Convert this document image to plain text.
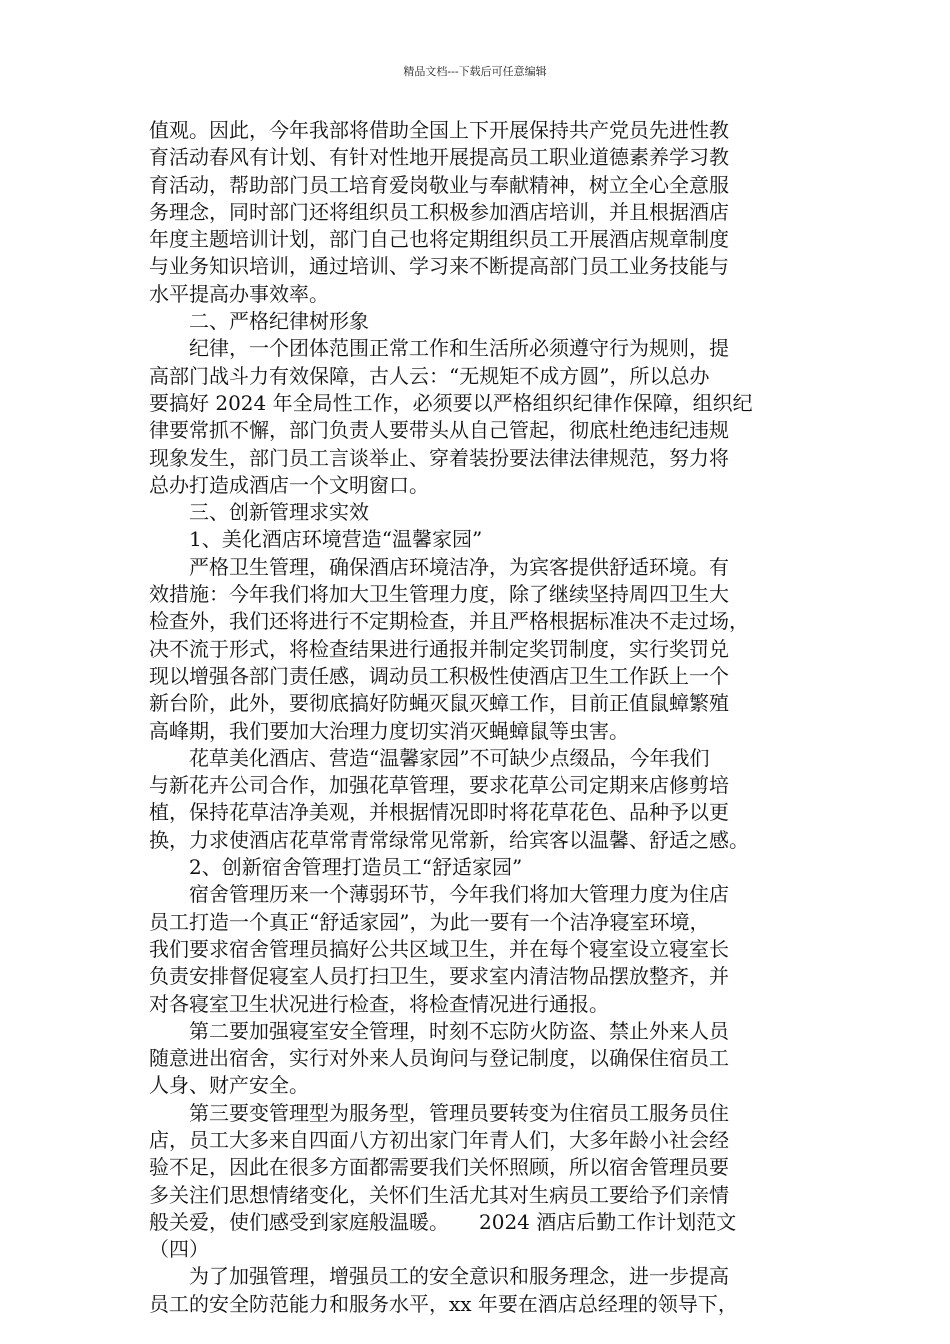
精品文档---下载后可任意编辑
值观。因此，今年我部将借助全国上下开展保持共产党员先进性教
育活动春风有计划、有针对性地开展提高员工职业道德素养学习教
育活动，帮助部门员工培育爱岗敬业与奉献精神，树立全心全意服
务理念，同时部门还将组织员工积极参加酒店培训，并且根据酒店
年度主题培训计划，部门自己也将定期组织员工开展酒店规章制度
与业务知识培训，通过培训、学习来不断提高部门员工业务技能与
水平提高办事效率。
二、严格纪律树形象
纪律，一个团体范围正常工作和生活所必须遵守行为规则，提
高部门战斗力有效保障，古人云：“无规矩不成方圆”，所以总办
要搞好 2024 年全局性工作，必须要以严格组织纪律作保障，组织纪
律要常抓不懈，部门负责人要带头从自己管起，彻底杜绝违纪违规
现象发生，部门员工言谈举止、穿着装扮要法律法律规范，努力将
总办打造成酒店一个文明窗口。
三、创新管理求实效
1、美化酒店环境营造“温馨家园”
严格卫生管理，确保酒店环境洁净，为宾客提供舒适环境。有
效措施：今年我们将加大卫生管理力度，除了继续坚持周四卫生大
检查外，我们还将进行不定期检查，并且严格根据标准决不走过场，
决不流于形式，将检查结果进行通报并制定奖罚制度，实行奖罚兑
现以增强各部门责任感，调动员工积极性使酒店卫生工作跃上一个
新台阶，此外，要彻底搞好防蝇灭鼠灭蟑工作，目前正值鼠蟑繁殖
高峰期，我们要加大治理力度切实消灭蝇蟑鼠等虫害。
花草美化酒店、营造“温馨家园”不可缺少点缀品，今年我们
与新花卉公司合作，加强花草管理，要求花草公司定期来店修剪培
植，保持花草洁净美观，并根据情况即时将花草花色、品种予以更
换，力求使酒店花草常青常绿常见常新，给宾客以温馨、舒适之感。
2、创新宿舍管理打造员工“舒适家园”
宿舍管理历来一个薄弱环节，今年我们将加大管理力度为住店
员工打造一个真正“舒适家园”，为此一要有一个洁净寝室环境，
我们要求宿舍管理员搞好公共区域卫生，并在每个寝室设立寝室长
负责安排督促寝室人员打扫卫生，要求室内清洁物品摆放整齐，并
对各寝室卫生状况进行检查，将检查情况进行通报。
第二要加强寝室安全管理，时刻不忘防火防盗、禁止外来人员
随意进出宿舍，实行对外来人员询问与登记制度，以确保住宿员工
人身、财产安全。
第三要变管理型为服务型，管理员要转变为住宿员工服务员住
店，员工大多来自四面八方初出家门年青人们，大多年龄小社会经
验不足，因此在很多方面都需要我们关怀照顾，所以宿舍管理员要
多关注们思想情绪变化，关怀们生活尤其对生病员工要给予们亲情
般关爱，使们感受到家庭般温暖。　　2024 酒店后勤工作计划范文
（四）
为了加强管理，增强员工的安全意识和服务理念，进一步提高
员工的安全防范能力和服务水平，xx 年要在酒店总经理的领导下，
